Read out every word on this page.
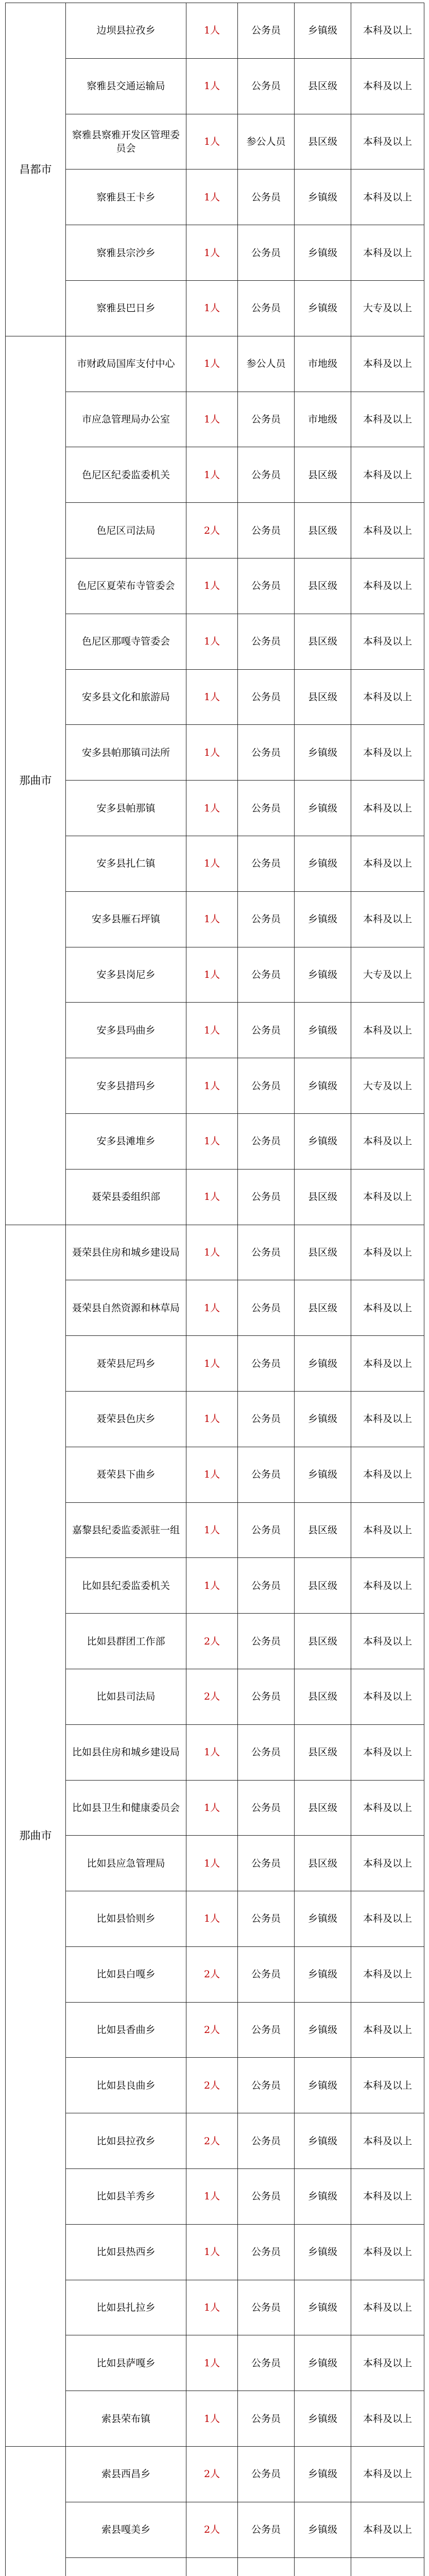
昌都市	边坝县拉孜乡	1人	公务员	乡镇级	本科及以上
	察雅县交通运输局	1人	公务员	县区级	本科及以上
	察雅县察雅开发区管理委员会	1人	参公人员	县区级	本科及以上
	察雅县王卡乡	1人	公务员	乡镇级	本科及以上
	察雅县宗沙乡	1人	公务员	乡镇级	本科及以上
	察雅县巴日乡	1人	公务员	乡镇级	大专及以上
那曲市	市财政局国库支付中心	1人	参公人员	市地级	本科及以上
	市应急管理局办公室	1人	公务员	市地级	本科及以上
	色尼区纪委监委机关	1人	公务员	县区级	本科及以上
	色尼区司法局	2人	公务员	县区级	本科及以上
	色尼区夏荣布寺管委会	1人	公务员	县区级	本科及以上
	色尼区那嘎寺管委会	1人	公务员	县区级	本科及以上
	安多县文化和旅游局	1人	公务员	县区级	本科及以上
	安多县帕那镇司法所	1人	公务员	乡镇级	本科及以上
	安多县帕那镇	1人	公务员	乡镇级	本科及以上
	安多县扎仁镇	1人	公务员	乡镇级	本科及以上
	安多县雁石坪镇	1人	公务员	乡镇级	本科及以上
	安多县岗尼乡	1人	公务员	乡镇级	大专及以上
	安多县玛曲乡	1人	公务员	乡镇级	本科及以上
	安多县措玛乡	1人	公务员	乡镇级	大专及以上
	安多县滩堆乡	1人	公务员	乡镇级	本科及以上
	聂荣县委组织部	1人	公务员	县区级	本科及以上
那曲市	聂荣县住房和城乡建设局	1人	公务员	县区级	本科及以上
	聂荣县自然资源和林草局	1人	公务员	县区级	本科及以上
	聂荣县尼玛乡	1人	公务员	乡镇级	本科及以上
	聂荣县色庆乡	1人	公务员	乡镇级	本科及以上
	聂荣县下曲乡	1人	公务员	乡镇级	本科及以上
	嘉黎县纪委监委派驻一组	1人	公务员	县区级	本科及以上
	比如县纪委监委机关	1人	公务员	县区级	本科及以上
	比如县群团工作部	2人	公务员	县区级	本科及以上
	比如县司法局	2人	公务员	县区级	本科及以上
	比如县住房和城乡建设局	1人	公务员	县区级	本科及以上
	比如县卫生和健康委员会	1人	公务员	县区级	本科及以上
	比如县应急管理局	1人	公务员	县区级	本科及以上
	比如县恰则乡	1人	公务员	乡镇级	本科及以上
	比如县白嘎乡	2人	公务员	乡镇级	本科及以上
	比如县香曲乡	2人	公务员	乡镇级	本科及以上
	比如县良曲乡	2人	公务员	乡镇级	本科及以上
	比如县拉孜乡	2人	公务员	乡镇级	本科及以上
	比如县羊秀乡	1人	公务员	乡镇级	本科及以上
	比如县热西乡	1人	公务员	乡镇级	本科及以上
	比如县扎拉乡	1人	公务员	乡镇级	本科及以上
	比如县萨嘎乡	1人	公务员	乡镇级	本科及以上
	索县荣布镇	1人	公务员	乡镇级	本科及以上
	索县西昌乡	2人	公务员	乡镇级	本科及以上
	索县嘎美乡	2人	公务员	乡镇级	本科及以上
